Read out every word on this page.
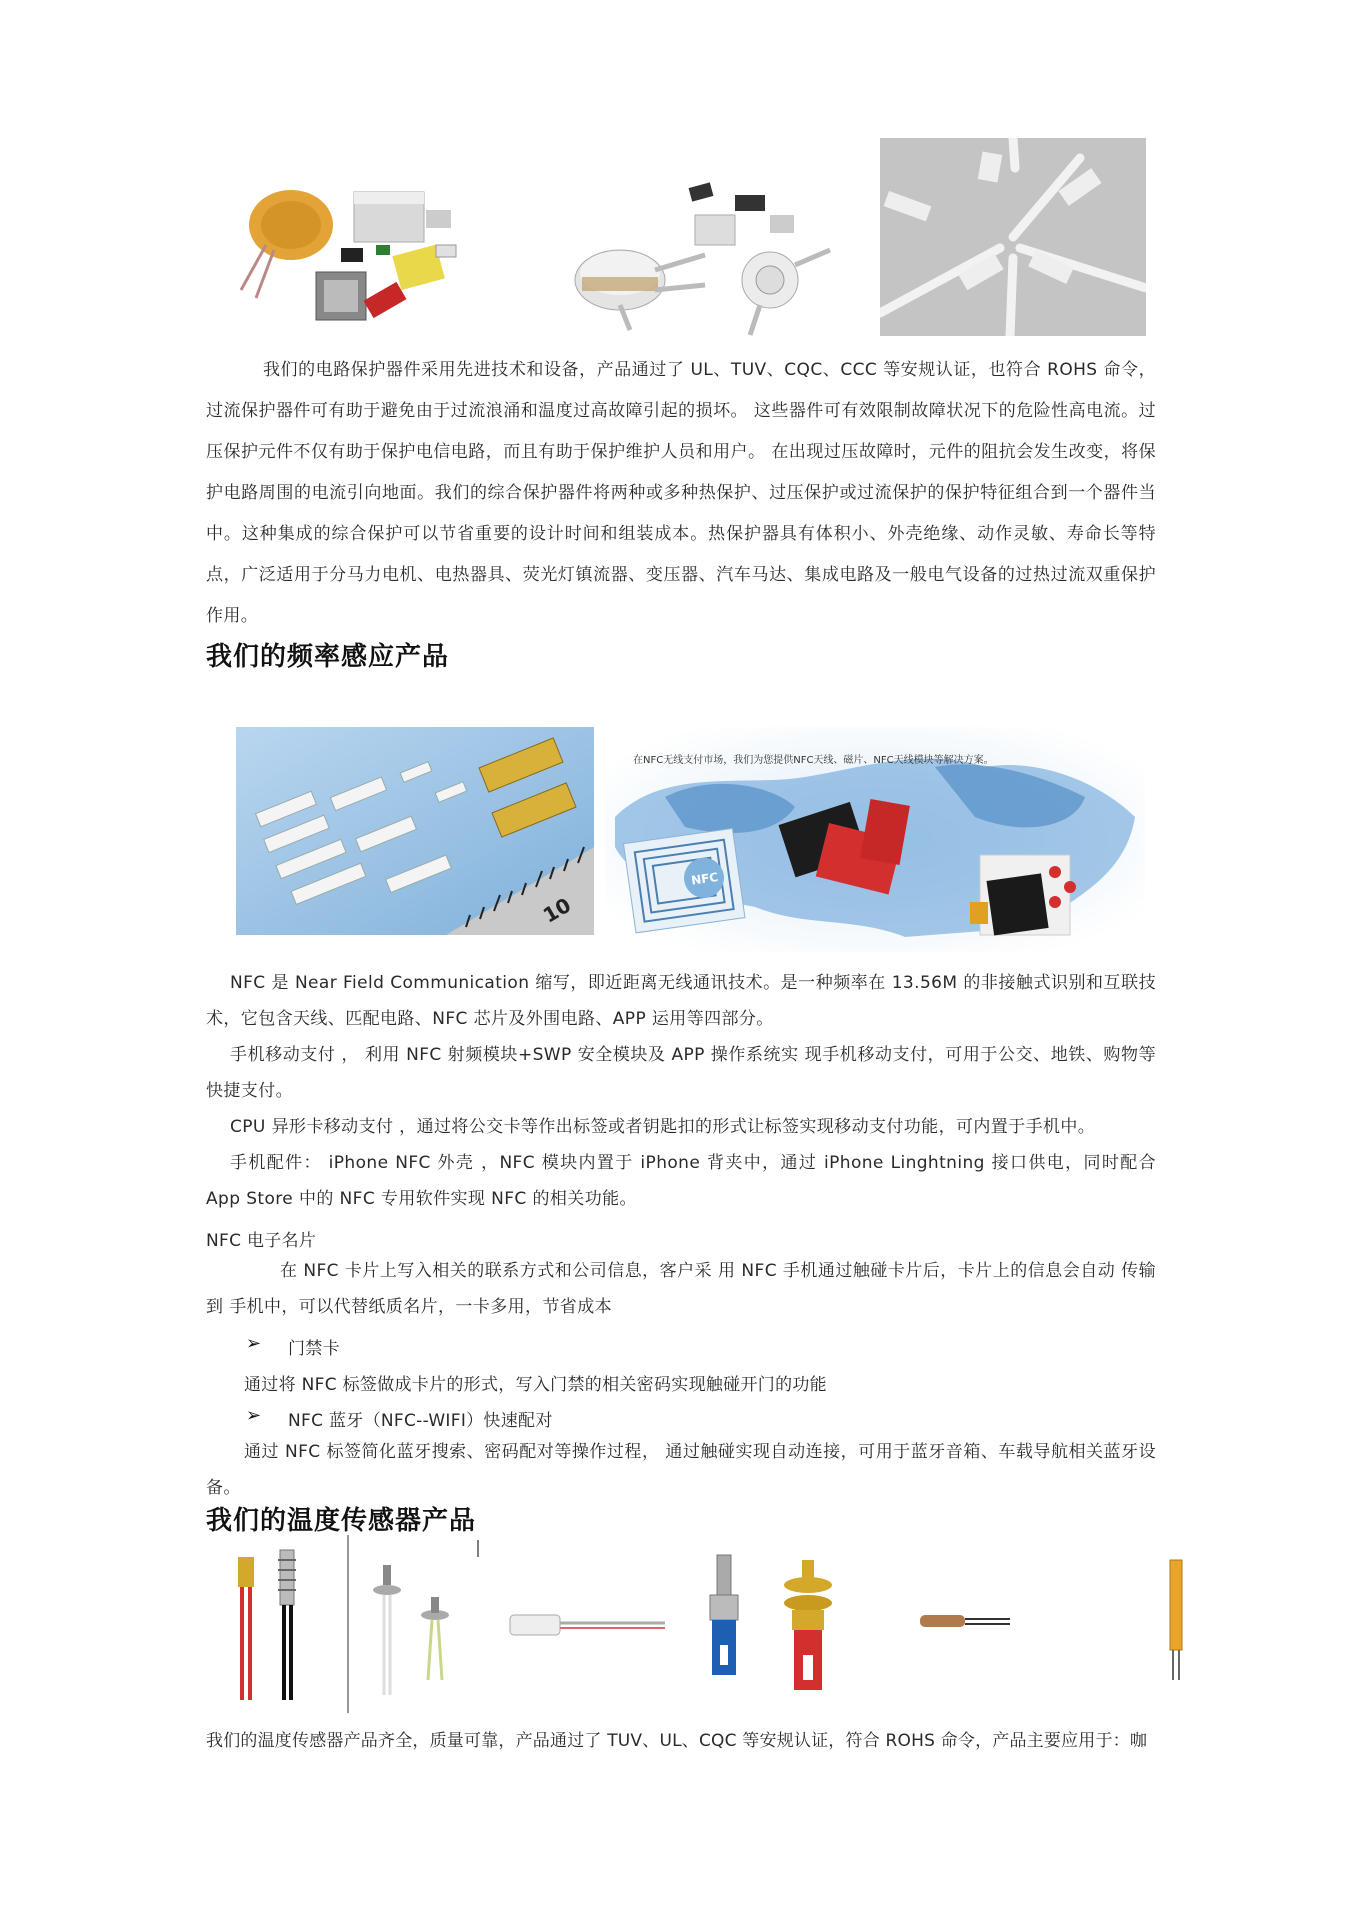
我们的电路保护器件采用先进技术和设备，产品通过了 UL、TUV、CQC、CCC 等安规认证，也符合 ROHS 命令，过流保护器件可有助于避免由于过流浪涌和温度过高故障引起的损坏。 这些器件可有效限制故障状况下的危险性高电流。过压保护元件不仅有助于保护电信电路，而且有助于保护维护人员和用户。 在出现过压故障时，元件的阻抗会发生改变，将保护电路周围的电流引向地面。我们的综合保护器件将两种或多种热保护、过压保护或过流保护的保护特征组合到一个器件当中。这种集成的综合保护可以节省重要的设计时间和组装成本。热保护器具有体积小、外壳绝缘、动作灵敏、寿命长等特点，广泛适用于分马力电机、电热器具、荧光灯镇流器、变压器、汽车马达、集成电路及一般电气设备的过热过流双重保护作用。

我们的频率感应产品
10
在NFC无线支付市场，我们为您提供NFC天线、磁片、NFC天线模块等解决方案。
NFC

NFC 是 Near Field Communication 缩写，即近距离无线通讯技术。是一种频率在 13.56M 的非接触式识别和互联技术，它包含天线、匹配电路、NFC 芯片及外围电路、APP 运用等四部分。

手机移动支付 ， 利用 NFC 射频模块+SWP 安全模块及 APP 操作系统实 现手机移动支付，可用于公交、地铁、购物等快捷支付。

CPU 异形卡移动支付 ，通过将公交卡等作出标签或者钥匙扣的形式让标签实现移动支付功能，可内置于手机中。

手机配件： iPhone NFC 外壳 ，NFC 模块内置于 iPhone 背夹中，通过 iPhone Linghtning 接口供电，同时配合 App Store 中的 NFC 专用软件实现 NFC 的相关功能。

NFC 电子名片

在 NFC 卡片上写入相关的联系方式和公司信息，客户采 用 NFC 手机通过触碰卡片后，卡片上的信息会自动 传输 到 手机中，可以代替纸质名片，一卡多用，节省成本

➢ 门禁卡
通过将 NFC 标签做成卡片的形式，写入门禁的相关密码实现触碰开门的功能
➢ NFC 蓝牙（NFC--WIFI）快速配对

通过 NFC 标签简化蓝牙搜索、密码配对等操作过程， 通过触碰实现自动连接，可用于蓝牙音箱、车载导航相关蓝牙设备。

我们的温度传感器产品
我们的温度传感器产品齐全，质量可靠，产品通过了 TUV、UL、CQC 等安规认证，符合 ROHS 命令，产品主要应用于：咖
